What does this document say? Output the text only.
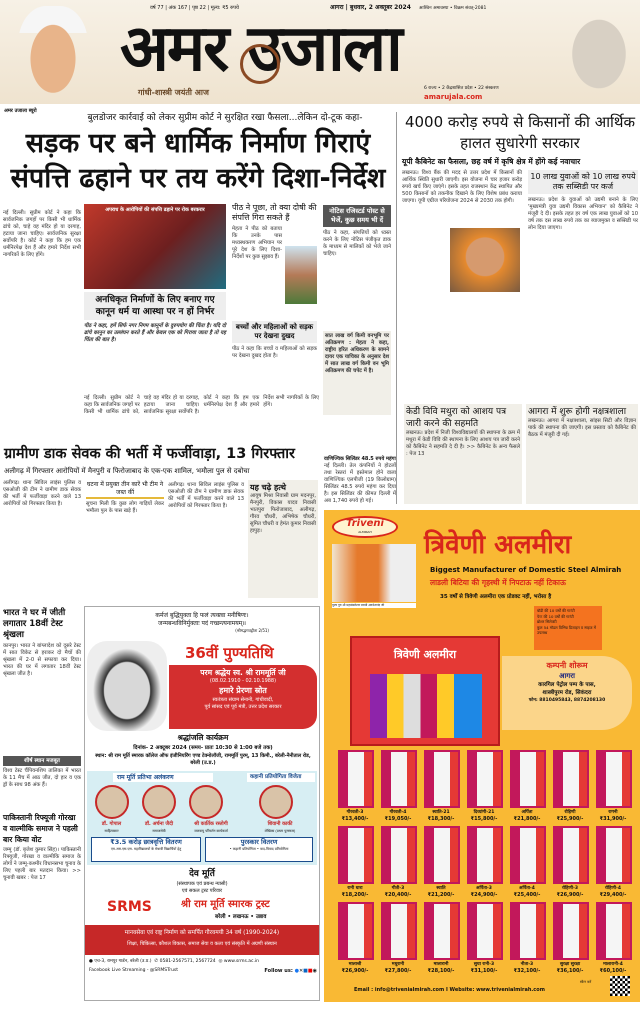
वर्ष 77 | अंक 167 | पृष्ठ 22 | मूल्य: ₹5 रुपये	आगरा | बुधवार, 2 अक्तूबर 2024 आश्विन अमावस्या • विक्रम संवत्-2081
अमर उजाला
गांधी-शास्त्री जयंती आज	6 राज्य • 2 केंद्रशासित प्रदेश • 22 संस्करण
amarujala.com
अमर उजाला ब्यूरो
बुलडोजर कार्रवाई को लेकर सुप्रीम कोर्ट ने सुरक्षित रखा फैसला...लेकिन दो-टूक कहा-
सड़क पर बने धार्मिक निर्माण गिराएं
संपत्ति ढहाने पर तय करेंगे दिशा-निर्देश
नई दिल्ली। सुप्रीम कोर्ट ने कहा कि सार्वजनिक जगहों पर किसी भी धार्मिक ढांचे को, चाहे वह मंदिर हो या दरगाह, हटाया जाना चाहिए। सार्वजनिक सुरक्षा सर्वोपरि है। कोर्ट ने कहा कि हम एक धर्मनिरपेक्ष देश हैं और हमारे निर्देश सभी नागरिकों के लिए होंगे।
अपराध के आरोपियों की संपत्ति ढहाने पर रोक बरकरार
अनधिकृत निर्माणों के लिए बनाए गए कानून धर्म या आस्था पर न हों निर्भर
पीठ ने कहा, हमें सिर्फ नगर निगम कानूनों के दुरुपयोग की चिंता है। यदि दो ढांचे कानून का उल्लंघन करते हैं और केवल एक को गिराया जाता है तो यह चिंता की बात है।
पीठ ने पूछा, तो क्या दोषी की संपत्ति गिरा सकते हैं
मेहता ने पीठ को बताया कि उनके पास मध्यस्थकरण अभियान पर पूरे देश के लिए दिशा-निर्देशों पर कुछ सुझाव हैं।
बच्चों और महिलाओं को सड़क पर देखना दुखद
पीठ ने कहा कि बच्चों व महिलाओं को सड़क पर देखना दुखद होता है।
नोटिस रजिस्टर्ड पोस्ट से भेजें, कुछ समय भी दें
पीठ ने कहा, संपत्तियों को ध्वस्त करने के लिए नोटिस पंजीकृत डाक के माध्यम से मालिकों को भेजे जाने चाहिए।
सात लाख वर्ग किमी वनभूमि पर अतिक्रमण : मेहता ने कहा, राष्ट्रीय हरित अधिकरण के सामने दायर एक याचिका के अनुसार देश में सात लाख वर्ग किमी वन भूमि अतिक्रमण की चपेट में है।
नई दिल्ली। सुप्रीम कोर्ट ने कहा कि सार्वजनिक जगहों पर किसी भी धार्मिक ढांचे को, चाहे वह मंदिर हो या दरगाह, हटाया जाना चाहिए। सार्वजनिक सुरक्षा सर्वोपरि है। कोर्ट ने कहा कि हम एक धर्मनिरपेक्ष देश हैं और हमारे निर्देश सभी नागरिकों के लिए होंगे।
ग्रामीण डाक सेवक की भर्ती में फर्जीवाड़ा, 13 गिरफ्तार
अलीगढ़ में गिरफ्तार आरोपियों में मैनपुरी व फिरोजाबाद के एक-एक शामिल, भमौला पुल से दबोचा
अलीगढ़। थाना सिविल लाइंस पुलिस व एसओजी की टीम ने ग्रामीण डाक सेवक की भर्ती में फर्जीवाड़ा करने वाले 13 आरोपियों को गिरफ्तार किया है।
घटना में प्रयुक्त तीन कारें भी टीम ने जब्त कीं
सूचना मिली कि कुछ लोग गाड़ियों लेकर भमौला पुल के पास खड़े हैं।
अलीगढ़। थाना सिविल लाइंस पुलिस व एसओजी की टीम ने ग्रामीण डाक सेवक की भर्ती में फर्जीवाड़ा करने वाले 13 आरोपियों को गिरफ्तार किया है।
यह चढ़े हत्थे
आयुष मिश्रा निवासी ग्राम मदनपुर, मैनपुरी, विकास यादव निवासी भातपुरा फिरोजाबाद, अलीगढ़, गौरव चौधरी, अभिषेक चौधरी, सुमित चौधरी व हेमंत कुमार निवासी हापुड़।
4000 करोड़ रुपये से किसानों की आर्थिक हालत सुधारेगी सरकार
यूपी कैबिनेट का फैसला, छह वर्ष में कृषि क्षेत्र में होंगे कई नवाचार
लखनऊ। विश्व बैंक की मदद से उत्तर प्रदेश में किसानों की आर्थिक स्थिति सुधारी जाएगी। इस योजना में चार हजार करोड़ रुपये खर्च किए जाएंगे। इसके तहत राजस्थान केंद्र स्थापित और 500 किसानों को तकनीक दिखाने के लिए विशेष प्रबंध कराया जाएगा। यूपी एग्रीज परियोजना 2024 से 2030 तक होगी।
10 लाख युवाओं को 10 लाख रुपये तक सब्सिडी पर कर्ज
लखनऊ। प्रदेश के युवाओं को उद्यमी बनाने के लिए 'मुख्यमंत्री युवा उद्यमी विकास अभियान' को कैबिनेट ने मंजूरी दे दी। इसके तहत हर वर्ष एक लाख युवाओं को 10 वर्ष तक दस लाख रुपये तक का ब्याजमुक्त व सब्सिडी पर लोन दिया जाएगा।
केडी विवि मथुरा को आशय पत्र जारी करने की सहमति
लखनऊ। प्रदेश में निजी विश्वविद्यालयों की स्थापना के क्रम में मथुरा में केडी विवि की स्थापना के लिए आशय पत्र जारी करने को कैबिनेट ने सहमति दे दी है। >> कैबिनेट के अन्य फैसले : पेज 13
आगरा में शुरू होगी नक्षत्रशाला
लखनऊ। आगरा में नक्षत्रशाला, सांइस सिटी और विज्ञान पार्क की स्थापना की जाएगी। इस प्रस्ताव को कैबिनेट की बैठक में मंजूरी दी गई।
वाणिज्यिक सिलिंडर 48.5 रुपये महंगा
नई दिल्ली। तेल कंपनियों ने होटलों तथा रेस्तरां में इस्तेमाल होने वाला वाणिज्यिक एलपीजी (19 किलोग्राम) सिलिंडर 48.5 रुपये महंगा कर दिया है। इस सिलिंडर की कीमत दिल्ली में अब 1,740 रुपये हो गई।
भारत ने घर में जीती लगातार 18वीं टेस्ट श्रृंखला
कानपुर। भारत ने बांग्लादेश को दूसरे टेस्ट में सात विकेट से हराकर दो मैचों की श्रृंखला में 2-0 से सफाया कर दिया। भारत की घर में लगातार 18वीं टेस्ट श्रृंखला जीत है।
शीर्ष स्थान मजबूत
विश्व टेस्ट चैंपियनशिप तालिका में भारत के 11 मैच में आठ जीत, दो हार व एक ड्रॉ के साथ 98 अंक हैं।
पाकिस्तानी रिफ्यूजी गोरखा व वाल्मीकि समाज ने पहली बार किया वोट
जम्मू (डॉ. बृजेश कुमार सिंह)। पाकिस्तानी रिफ्यूजी, गोरखा व वाल्मीकि समाज के लोगों ने जम्मू-कश्मीर विधानसभा चुनाव के लिए पहली बार मतदान किया। >> चुनावी खबर : पेज 17
कर्मजं बुद्धियुक्ता हि फलं त्यक्त्वा मनीषिणः।
जन्मबन्धविनिर्मुक्ताः पदं गच्छन्त्यनामयम्॥
(श्रीमद्भगवद्गीता 2/51)
36वीं पुण्यतिथि
परम श्रद्धेय स्व. श्री राममूर्ति जी
(08.02.1910 - 02.10.1988)
हमारे प्रेरणा स्रोत
स्वतंत्रता संग्राम सेनानी, गांधीवादी,
पूर्व सांसद एवं पूर्व मंत्री, उत्तर प्रदेश सरकार
श्रद्धांजलि कार्यक्रम
दिनांक- 2 अक्टूबर 2024 (समय- प्रातः 10:30 से 1:00 बजे तक)
स्थान: श्री राम मूर्ति स्मारक कॉलेज ऑफ इंजीनियरिंग एण्ड टेक्नोलॉजी, राममूर्ति पुरम्, 13 किमी., बरेली-नैनीताल रोड, बरेली (उ.प्र.)
राम मूर्ति प्रतिभा अलंकरण	कहानी प्रतियोगिता विजेता
डॉ. गोपाल	डॉ. अर्चना जैदी	श्री कार्तिक रस्तोगी	शिवानी काकी
साहित्यकार	समाजसेवी	जलवायु परिवर्तन कार्यकर्ता	लेखिका (प्रथम पुरस्कार)
₹3.5 करोड़ छात्रवृत्ति वितरण
एम.आर.एस.एस. महाविद्यालयों के मेधावी विद्यार्थियों हेतु
पुरस्कार वितरण
• कहानी प्रतियोगिता • वाद-विवाद प्रतियोगिता
देव मूर्ति
(संस्थापक एवं प्रबन्ध न्यासी)
एवं सकल ट्रस्ट परिवार
SRMS	श्री राम मूर्ति स्मारक ट्रस्ट
बरेली • लखनऊ • उन्नाव
मानवसेवा एवं राष्ट्र निर्माण को समर्पित गौरवमयी 34 वर्ष (1990-2024)
शिक्षा, चिकित्सा, कौशल विकास, समाज सेवा व कला एवं संस्कृति में अग्रणी संस्थान
● एच-3, रामपुर गार्डन, बरेली (उ.प्र.) ✆ 0581-2567571, 2567724 ◎ www.srms.ac.in
Facebook Live Streaming - @SRMSTrust	Follow us: ●✕■■◉
Triveni
ALMIRAH
पूज्य गुरु श्री महामंडलेश्वर स्वामी अवधेशानंद जी
त्रिवेणी अलमीरा
Biggest Manufacturer of Domestic Steel Almirah
लाडली बिटिया की गृहस्थी में निपटाऊ नहीं टिकाऊ
35 वर्षों से त्रिवेणी अलमीरा एक प्रोडक्ट नहीं, भरोसा है
बॉडी की 10 वर्षों की गारंटी
पेन्ट की 10 वर्षों की गारंटी
ब्रोशर सिलेक्टी
कुल 54 मॉडल विभिन्न डिजाइन व साइज में उपलब्ध
त्रिवेणी अलमीरा
कम्पनी शोरूम
आगरा
कारगिल पेट्रोल पम्प के पास,
शास्त्रीपुरम रोड, सिकंदरा
फोन: 8810495843, 8874208130
गौरवती-3
₹13,400/-
गौरवती-4
₹19,050/-
स्वाति-21
₹18,300/-
दिव्यांगी-21
₹15,800/-
अर्पिता
₹21,800/-
रोहिणी
₹25,900/-
रागनी
₹31,900/-
रानी धारा
₹18,200/-
गीती-3
₹20,400/-
स्वाति
₹21,200/-
अर्पिता-3
₹24,900/-
अर्पिता-4
₹25,400/-
रोहिणी-3
₹26,900/-
रोहिणी-4
₹29,400/-
मालाश्री
₹26,900/-
मधुरानी
₹27,800/-
मालारानी
₹28,100/-
सुधा रानी-3
₹31,100/-
नीता-3
₹32,100/-
सुरक्षा सुरक्षा
₹36,100/-
मालारानी-4
₹60,100/-
Email : info@trivenialmirah.com I Website: www.trivenialmirah.com
स्कैन करें
